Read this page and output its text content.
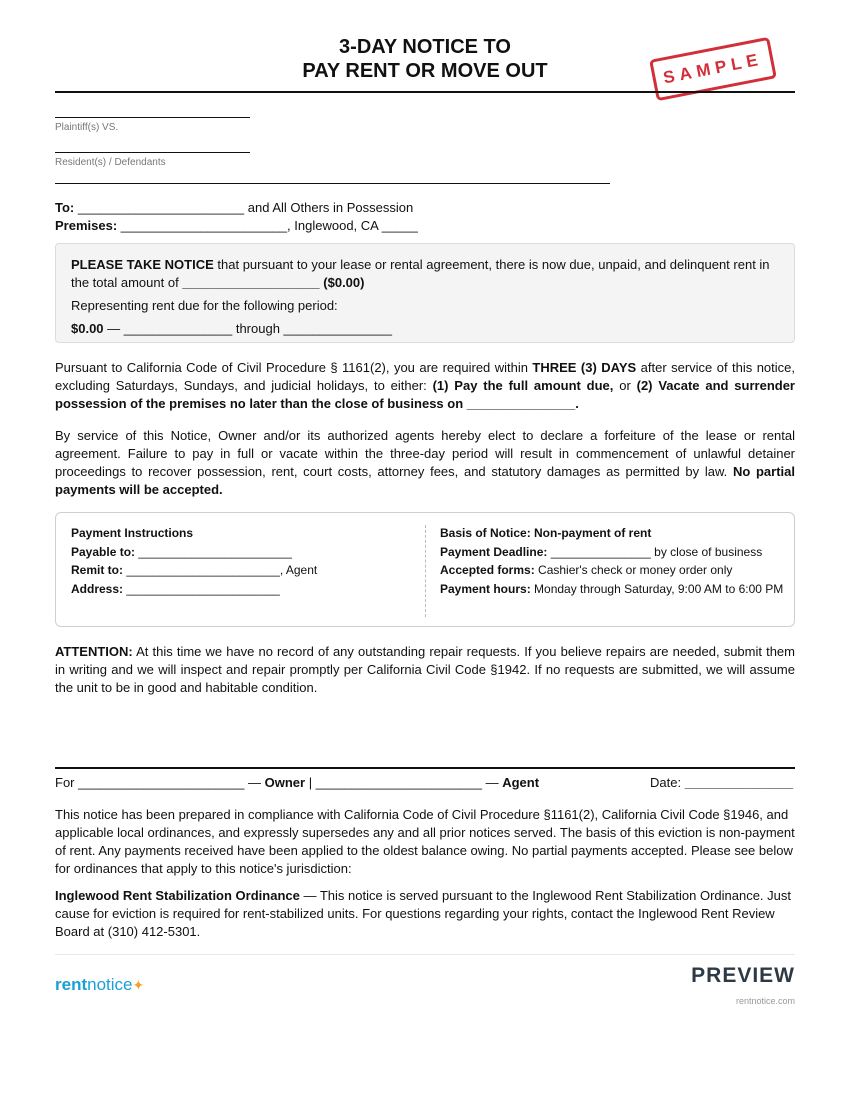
3-DAY NOTICE TO
PAY RENT OR MOVE OUT	SAMPLE
Plaintiff(s) VS.
Resident(s) / Defendants
To: _______________________ and All Others in Possession
Premises: _______________________, Inglewood, CA _____

PLEASE TAKE NOTICE that pursuant to your lease or rental agreement, there is now due, unpaid, and delinquent rent in the total amount of ___________________ ($0.00)

Representing rent due for the following period:

$0.00 — _______________ through _______________

Pursuant to California Code of Civil Procedure § 1161(2), you are required within THREE (3) DAYS after service of this notice, excluding Saturdays, Sundays, and judicial holidays, to either: (1) Pay the full amount due, or (2) Vacate and surrender possession of the premises no later than the close of business on _______________.

By service of this Notice, Owner and/or its authorized agents hereby elect to declare a forfeiture of the lease or rental agreement. Failure to pay in full or vacate within the three-day period will result in commencement of unlawful detainer proceedings to recover possession, rent, court costs, attorney fees, and statutory damages as permitted by law. No partial payments will be accepted.

Payment Instructions
Payable to: _______________________
Remit to: _______________________, Agent
Address: _______________________
Basis of Notice: Non-payment of rent
Payment Deadline: _______________ by close of business
Accepted forms: Cashier's check or money order only
Payment hours: Monday through Saturday, 9:00 AM to 6:00 PM

ATTENTION: At this time we have no record of any outstanding repair requests. If you believe repairs are needed, submit them in writing and we will inspect and repair promptly per California Civil Code §1942. If no requests are submitted, we will assume the unit to be in good and habitable condition.

For _______________________ — Owner | _______________________ — Agent	Date: _______________

This notice has been prepared in compliance with California Code of Civil Procedure §1161(2), California Civil Code §1946, and applicable local ordinances, and expressly supersedes any and all prior notices served. The basis of this eviction is non-payment of rent. Any payments received have been applied to the oldest balance owing. No partial payments accepted. Please see below for ordinances that apply to this notice's jurisdiction:

Inglewood Rent Stabilization Ordinance — This notice is served pursuant to the Inglewood Rent Stabilization Ordinance. Just cause for eviction is required for rent-stabilized units. For questions regarding your rights, contact the Inglewood Rent Review Board at (310) 412-5301.

rentnotice✦	PREVIEW
rentnotice.com
